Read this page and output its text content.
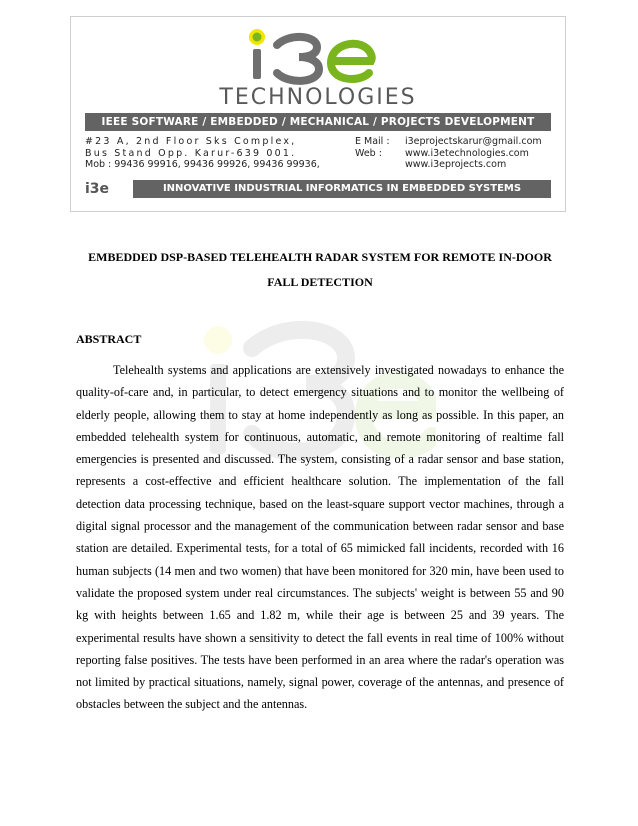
TECHNOLOGIES
IEEE SOFTWARE / EMBEDDED / MECHANICAL / PROJECTS DEVELOPMENT
#23 A, 2nd Floor Sks Complex,
Bus Stand Opp. Karur-639 001.
Mob : 99436 99916, 99436 99926, 99436 99936,
E Mail : i3eprojectskarur@gmail.com
Web : www.i3etechnologies.com
www.i3eprojects.com
i3e	INNOVATIVE INDUSTRIAL INFORMATICS IN EMBEDDED SYSTEMS
EMBEDDED DSP-BASED TELEHEALTH RADAR SYSTEM FOR REMOTE IN-DOOR
FALL DETECTION
ABSTRACT
Telehealth systems and applications are extensively investigated nowadays to enhance the quality-of-care and, in particular, to detect emergency situations and to monitor the wellbeing of elderly people, allowing them to stay at home independently as long as possible. In this paper, an embedded telehealth system for continuous, automatic, and remote monitoring of realtime fall emergencies is presented and discussed. The system, consisting of a radar sensor and base station, represents a cost-effective and efficient healthcare solution. The implementation of the fall detection data processing technique, based on the least-square support vector machines, through a digital signal processor and the management of the communication between radar sensor and base station are detailed. Experimental tests, for a total of 65 mimicked fall incidents, recorded with 16 human subjects (14 men and two women) that have been monitored for 320 min, have been used to validate the proposed system under real circumstances. The subjects' weight is between 55 and 90 kg with heights between 1.65 and 1.82 m, while their age is between 25 and 39 years. The experimental results have shown a sensitivity to detect the fall events in real time of 100% without reporting false positives. The tests have been performed in an area where the radar's operation was not limited by practical situations, namely, signal power, coverage of the antennas, and presence of obstacles between the subject and the antennas.
